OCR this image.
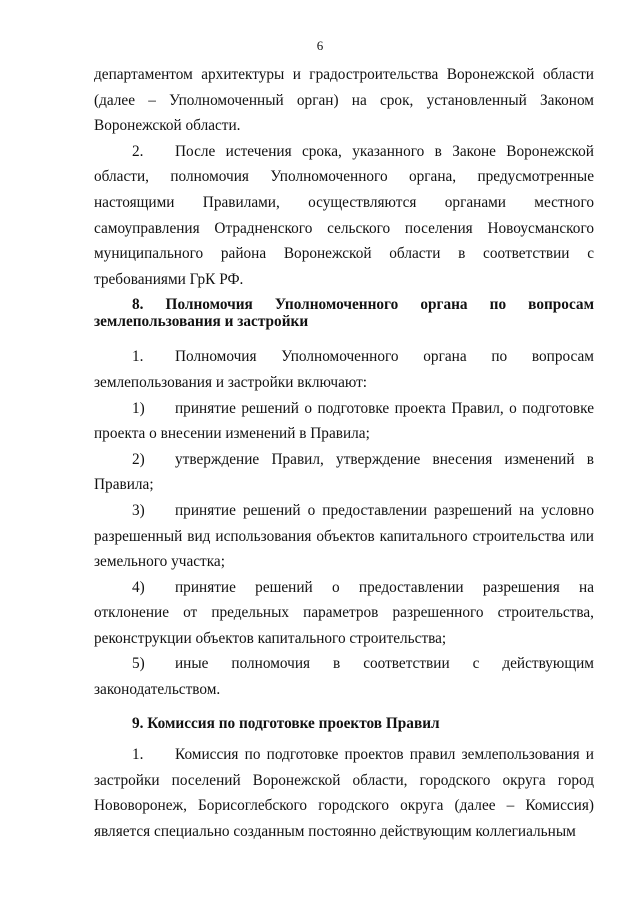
6

департаментом архитектуры и градостроительства Воронежской области (далее – Уполномоченный орган) на срок, установленный Законом Воронежской области.

2. После истечения срока, указанного в Законе Воронежской области, полномочия Уполномоченного органа, предусмотренные настоящими Правилами, осуществляются органами местного самоуправления Отрадненского сельского поселения Новоусманского муниципального района Воронежской области в соответствии с требованиями ГрК РФ.

8. Полномочия Уполномоченного органа по вопросам землепользования и застройки

1. Полномочия Уполномоченного органа по вопросам землепользования и застройки включают:

1) принятие решений о подготовке проекта Правил, о подготовке проекта о внесении изменений в Правила;

2) утверждение Правил, утверждение внесения изменений в Правила;

3) принятие решений о предоставлении разрешений на условно разрешенный вид использования объектов капитального строительства или земельного участка;

4) принятие решений о предоставлении разрешения на отклонение от предельных параметров разрешенного строительства, реконструкции объектов капитального строительства;

5) иные полномочия в соответствии с действующим законодательством.

9. Комиссия по подготовке проектов Правил

1. Комиссия по подготовке проектов правил землепользования и застройки поселений Воронежской области, городского округа город Нововоронеж, Борисоглебского городского округа (далее – Комиссия) является специально созданным постоянно действующим коллегиальным
